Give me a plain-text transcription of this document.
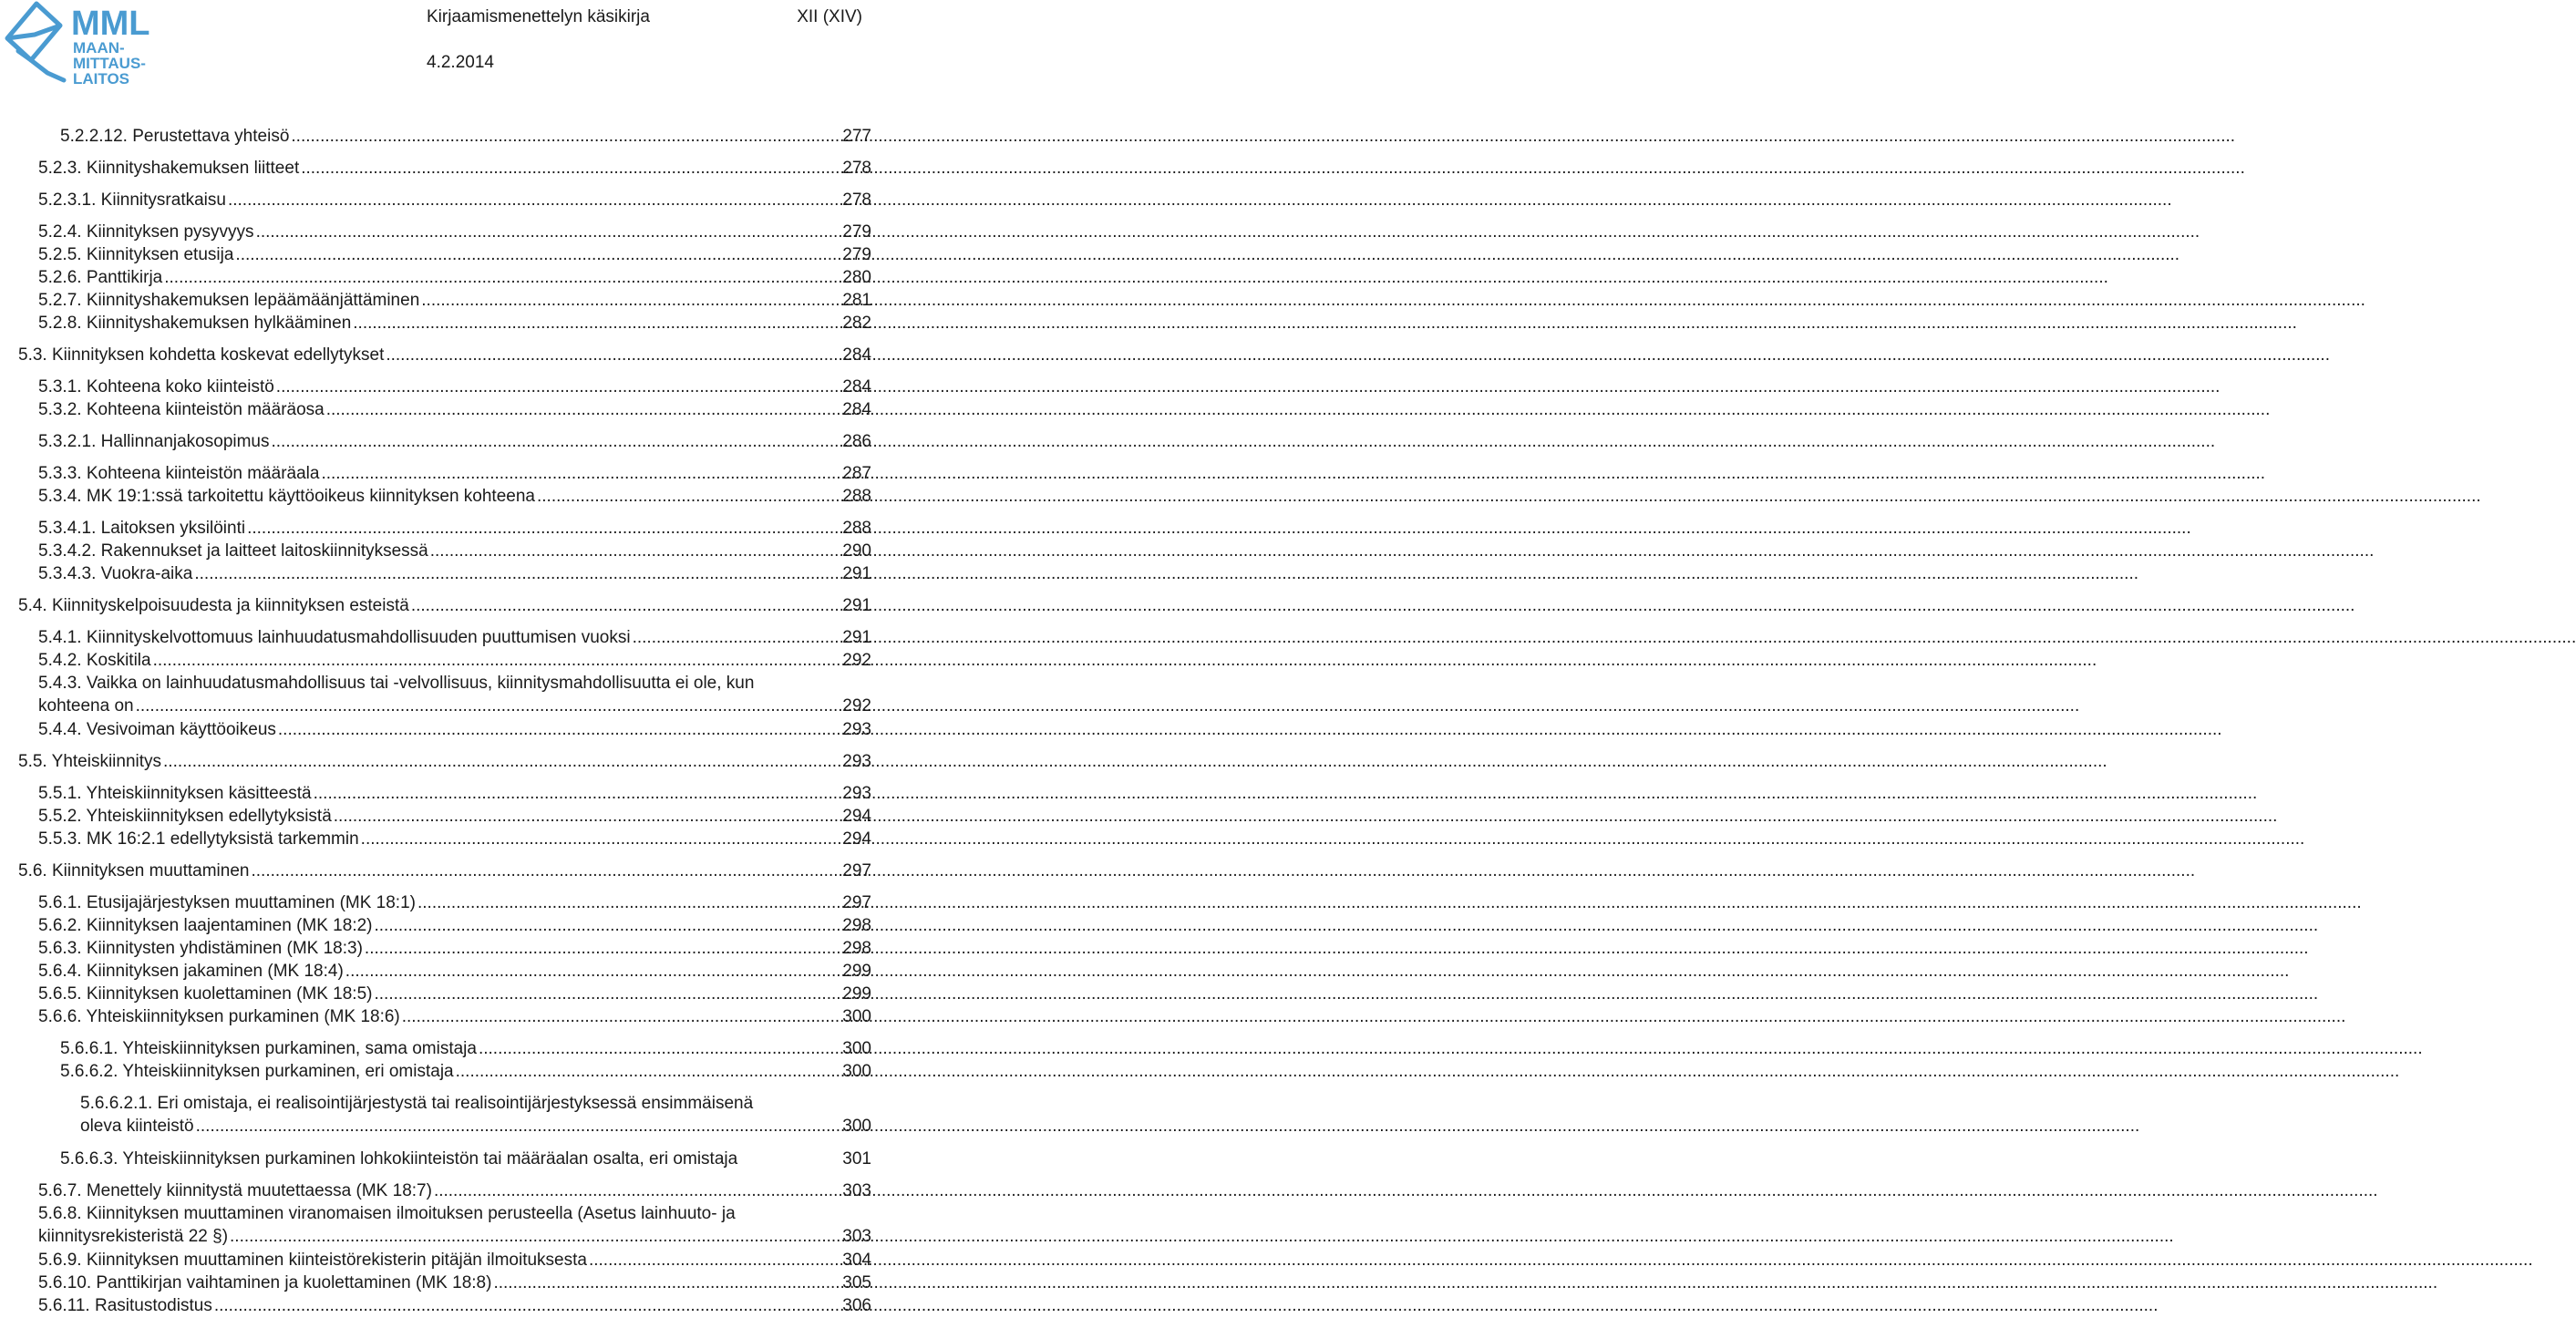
MML
MAAN-
MITTAUS-
LAITOS
Kirjaamismenettelyn käsikirja	XII (XIV)
4.2.2014
5.2.2.12. Perustettava yhteisö .....	277
5.2.3. Kiinnityshakemuksen liitteet .....	278
5.2.3.1. Kiinnitysratkaisu .....	278
5.2.4. Kiinnityksen pysyvyys .....	279
5.2.5. Kiinnityksen etusija .....	279
5.2.6. Panttikirja .....	280
5.2.7. Kiinnityshakemuksen lepäämäänjättäminen .....	281
5.2.8. Kiinnityshakemuksen hylkääminen .....	282
5.3. Kiinnityksen kohdetta koskevat edellytykset .....	284
5.3.1. Kohteena koko kiinteistö .....	284
5.3.2. Kohteena kiinteistön määräosa .....	284
5.3.2.1. Hallinnanjakosopimus .....	286
5.3.3. Kohteena kiinteistön määräala .....	287
5.3.4. MK 19:1:ssä tarkoitettu käyttöoikeus kiinnityksen kohteena .....	288
5.3.4.1. Laitoksen yksilöinti .....	288
5.3.4.2. Rakennukset ja laitteet laitoskiinnityksessä .....	290
5.3.4.3. Vuokra-aika .....	291
5.4. Kiinnityskelpoisuudesta ja kiinnityksen esteistä .....	291
5.4.1. Kiinnityskelvottomuus lainhuudatusmahdollisuuden puuttumisen vuoksi .....	291
5.4.2. Koskitila .....	292
5.4.3. Vaikka on lainhuudatusmahdollisuus tai -velvollisuus, kiinnitysmahdollisuutta ei ole, kun
kohteena on .....	292
5.4.4. Vesivoiman käyttöoikeus .....	293
5.5. Yhteiskiinnitys .....	293
5.5.1. Yhteiskiinnityksen käsitteestä .....	293
5.5.2. Yhteiskiinnityksen edellytyksistä .....	294
5.5.3. MK 16:2.1 edellytyksistä tarkemmin .....	294
5.6. Kiinnityksen muuttaminen .....	297
5.6.1. Etusijajärjestyksen muuttaminen (MK 18:1) .....	297
5.6.2. Kiinnityksen laajentaminen (MK 18:2) .....	298
5.6.3. Kiinnitysten yhdistäminen (MK 18:3) .....	298
5.6.4. Kiinnityksen jakaminen (MK 18:4) .....	299
5.6.5. Kiinnityksen kuolettaminen (MK 18:5) .....	299
5.6.6. Yhteiskiinnityksen purkaminen (MK 18:6) .....	300
5.6.6.1. Yhteiskiinnityksen purkaminen, sama omistaja .....	300
5.6.6.2. Yhteiskiinnityksen purkaminen, eri omistaja .....	300
5.6.6.2.1. Eri omistaja, ei realisointijärjestystä tai realisointijärjestyksessä ensimmäisenä
oleva kiinteistö .....	300
5.6.6.3. Yhteiskiinnityksen purkaminen lohkokiinteistön tai määräalan osalta, eri omistaja	301
5.6.7. Menettely kiinnitystä muutettaessa (MK 18:7) .....	303
5.6.8. Kiinnityksen muuttaminen viranomaisen ilmoituksen perusteella (Asetus lainhuuto- ja
kiinnitysrekisteristä 22 §) .....	303
5.6.9. Kiinnityksen muuttaminen kiinteistörekisterin pitäjän ilmoituksesta .....	304
5.6.10. Panttikirjan vaihtaminen ja kuolettaminen (MK 18:8) .....	305
5.6.11. Rasitustodistus .....	306
